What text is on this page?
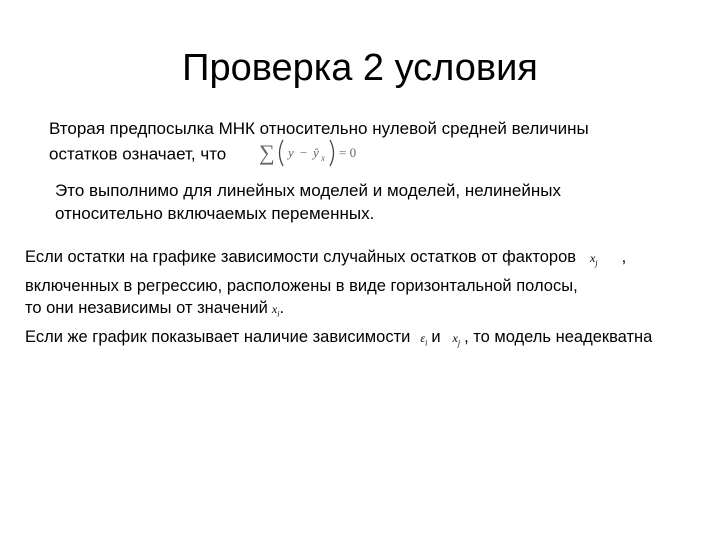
Проверка 2 условия
Вторая предпосылка МНК относительно нулевой средней величины
остатков означает, что ∑ y − ŷ x = 0
Это выполнимо для линейных моделей и моделей, нелинейных
относительно включаемых переменных.
Если остатки на графике зависимости случайных остатков от факторов $x_j$ ,
включенных в регрессию, расположены в виде горизонтальной полосы,
то они независимы от значений $x_i$.
Если же график показывает наличие зависимости $\varepsilon_i$ и $x_j$ , то модель неадекватна
